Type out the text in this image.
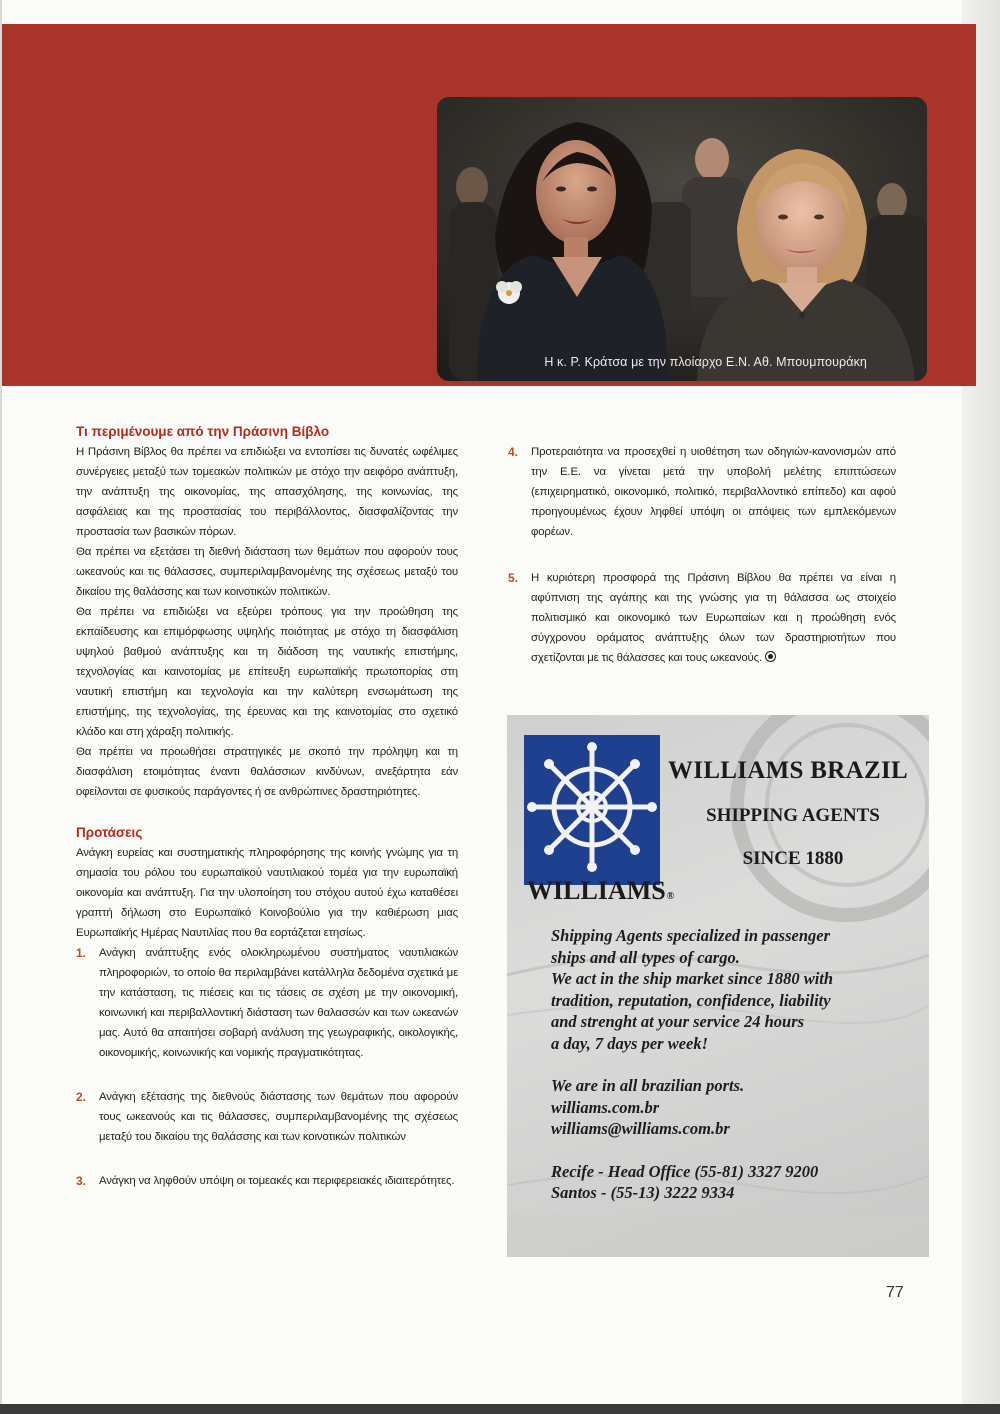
Η κ. Ρ. Κράτσα με την πλοίαρχο Ε.Ν. Αθ. Μπουμπουράκη
Τι περιμένουμε από την Πράσινη Βίβλο

Η Πράσινη Βίβλος θα πρέπει να επιδιώξει να εντοπίσει τις δυνατές ωφέλιμες συνέργειες μεταξύ των τομεακών πολιτικών με στόχο την αειφόρο ανάπτυξη, την ανάπτυξη της οικονομίας, της απασχόλησης, της κοινωνίας, της ασφάλειας και της προστασίας του περιβάλλοντος, διασφαλίζοντας την προστασία των βασικών πόρων.

Θα πρέπει να εξετάσει τη διεθνή διάσταση των θεμάτων που αφορούν τους ωκεανούς και τις θάλασσες, συμπεριλαμβανομένης της σχέσεως μεταξύ του δικαίου της θαλάσσης και των κοινοτικών πολιτικών.

Θα πρέπει να επιδιώξει να εξεύρει τρόπους για την προώθηση της εκπαίδευσης και επιμόρφωσης υψηλής ποιότητας με στόχο τη διασφάλιση υψηλού βαθμού ανάπτυξης και τη διάδοση της ναυτικής επιστήμης, τεχνολογίας και καινοτομίας με επίτευξη ευρωπαϊκής πρωτοπορίας στη ναυτική επιστήμη και τεχνολογία και την καλύτερη ενσωμάτωση της επιστήμης, της τεχνολογίας, της έρευνας και της καινοτομίας στο σχετικό κλάδο και στη χάραξη πολιτικής.

Θα πρέπει να προωθήσει στρατηγικές με σκοπό την πρόληψη και τη διασφάλιση ετοιμότητας έναντι θαλάσσιων κινδύνων, ανεξάρτητα εάν οφείλονται σε φυσικούς παράγοντες ή σε ανθρώπινες δραστηριότητες.

Προτάσεις

Ανάγκη ευρείας και συστηματικής πληροφόρησης της κοινής γνώμης για τη σημασία του ρόλου του ευρωπαϊκού ναυτιλιακού τομέα για την ευρωπαϊκή οικονομία και ανάπτυξη. Για την υλοποίηση του στόχου αυτού έχω καταθέσει γραπτή δήλωση στο Ευρωπαϊκό Κοινοβούλιο για την καθιέρωση μιας Ευρωπαϊκής Ημέρας Ναυτιλίας που θα εορτάζεται ετησίως.

1. Ανάγκη ανάπτυξης ενός ολοκληρωμένου συστήματος ναυτιλιακών πληροφοριών, το οποίο θα περιλαμβάνει κατάλληλα δεδομένα σχετικά με την κατάσταση, τις πιέσεις και τις τάσεις σε σχέση με την οικονομική, κοινωνική και περιβαλλοντική διάσταση των θαλασσών και των ωκεανών μας. Αυτό θα απαιτήσει σοβαρή ανάλυση της γεωγραφικής, οικολογικής, οικονομικής, κοινωνικής και νομικής πραγματικότητας.

2. Ανάγκη εξέτασης της διεθνούς διάστασης των θεμάτων που αφορούν τους ωκεανούς και τις θάλασσες, συμπεριλαμβανομένης της σχέσεως μεταξύ του δικαίου της θαλάσσης και των κοινοτικών πολιτικών

3. Ανάγκη να ληφθούν υπόψη οι τομεακές και περιφερειακές ιδιαιτερότητες.

4. Προτεραιότητα να προσεχθεί η υιοθέτηση των οδηγιών-κανονισμών από την Ε.Ε. να γίνεται μετά την υποβολή μελέτης επιπτώσεων (επιχειρηματικό, οικονομικό, πολιτικό, περιβαλλοντικό επίπεδο) και αφού προηγουμένως έχουν ληφθεί υπόψη οι απόψεις των εμπλεκόμενων φορέων.

5. Η κυριότερη προσφορά της Πράσινη Βίβλου θα πρέπει να είναι η αφύπνιση της αγάπης και της γνώσης για τη θάλασσα ως στοιχείο πολιτισμικό και οικονομικό των Ευρωπαίων και η προώθηση ενός σύγχρονου οράματος ανάπτυξης όλων των δραστηριοτήτων που σχετίζονται με τις θάλασσες και τους ωκεανούς.

WILLIAMS BRAZIL
SHIPPING AGENTS
SINCE 1880
WILLIAMS®

Shipping Agents specialized in passenger

ships and all types of cargo.

We act in the ship market since 1880 with

tradition, reputation, confidence, liability

and strenght at your service 24 hours

a day, 7 days per week!

We are in all brazilian ports.

williams.com.br

williams@williams.com.br

Recife - Head Office (55-81) 3327 9200

Santos - (55-13) 3222 9334

77
